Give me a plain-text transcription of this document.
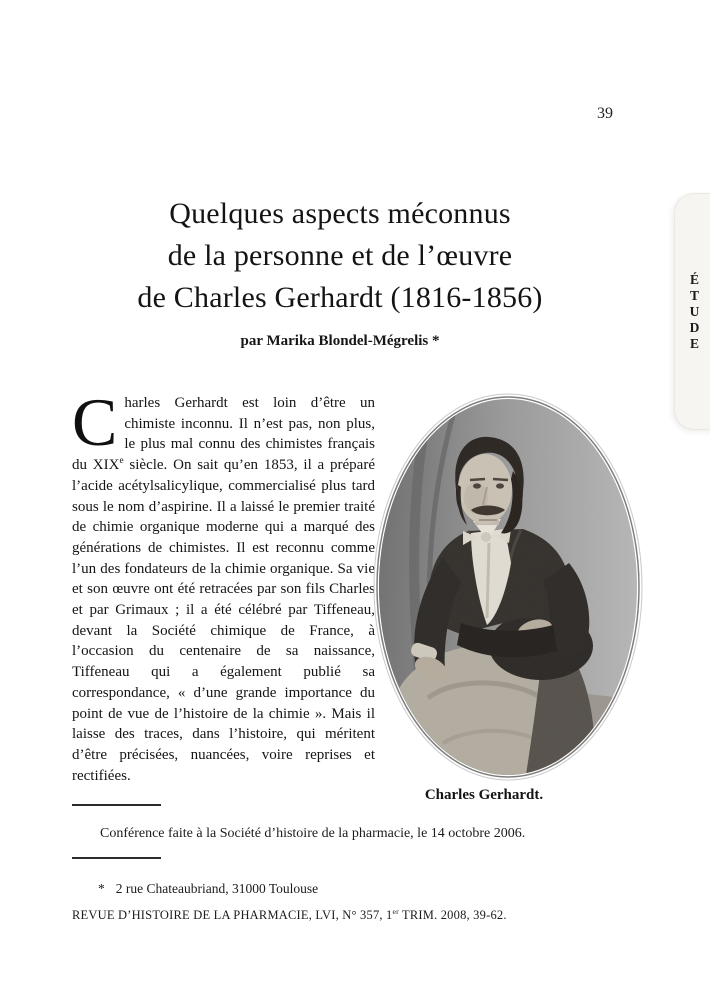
39
Quelques aspects méconnus
de la personne et de l’œuvre
de Charles Gerhardt (1816-1856)
par Marika Blondel-Mégrelis *

Charles Gerhardt est loin d’être un chimiste inconnu. Il n’est pas, non plus, le plus mal connu des chimistes français du XIXe siècle. On sait qu’en 1853, il a préparé l’acide acétylsalicylique, commercialisé plus tard sous le nom d’aspirine. Il a laissé le premier traité de chimie organique moderne qui a marqué des générations de chimistes. Il est reconnu comme l’un des fondateurs de la chimie organique. Sa vie et son œuvre ont été retracées par son fils Charles et par Grimaux ; il a été célébré par Tiffeneau, devant la Société chimique de France, à l’occasion du centenaire de sa naissance, Tiffeneau qui a également publié sa correspondance, « d’une grande importance du point de vue de l’histoire de la chimie ». Mais il laisse des traces, dans l’histoire, qui méritent d’être précisées, nuancées, voire reprises et rectifiées.

Charles Gerhardt.
Conférence faite à la Société d’histoire de la pharmacie, le 14 octobre 2006.
* 2 rue Chateaubriand, 31000 Toulouse
REVUE D’HISTOIRE DE LA PHARMACIE, LVI, N° 357, 1er TRIM. 2008, 39-62.
É
T
U
D
E
